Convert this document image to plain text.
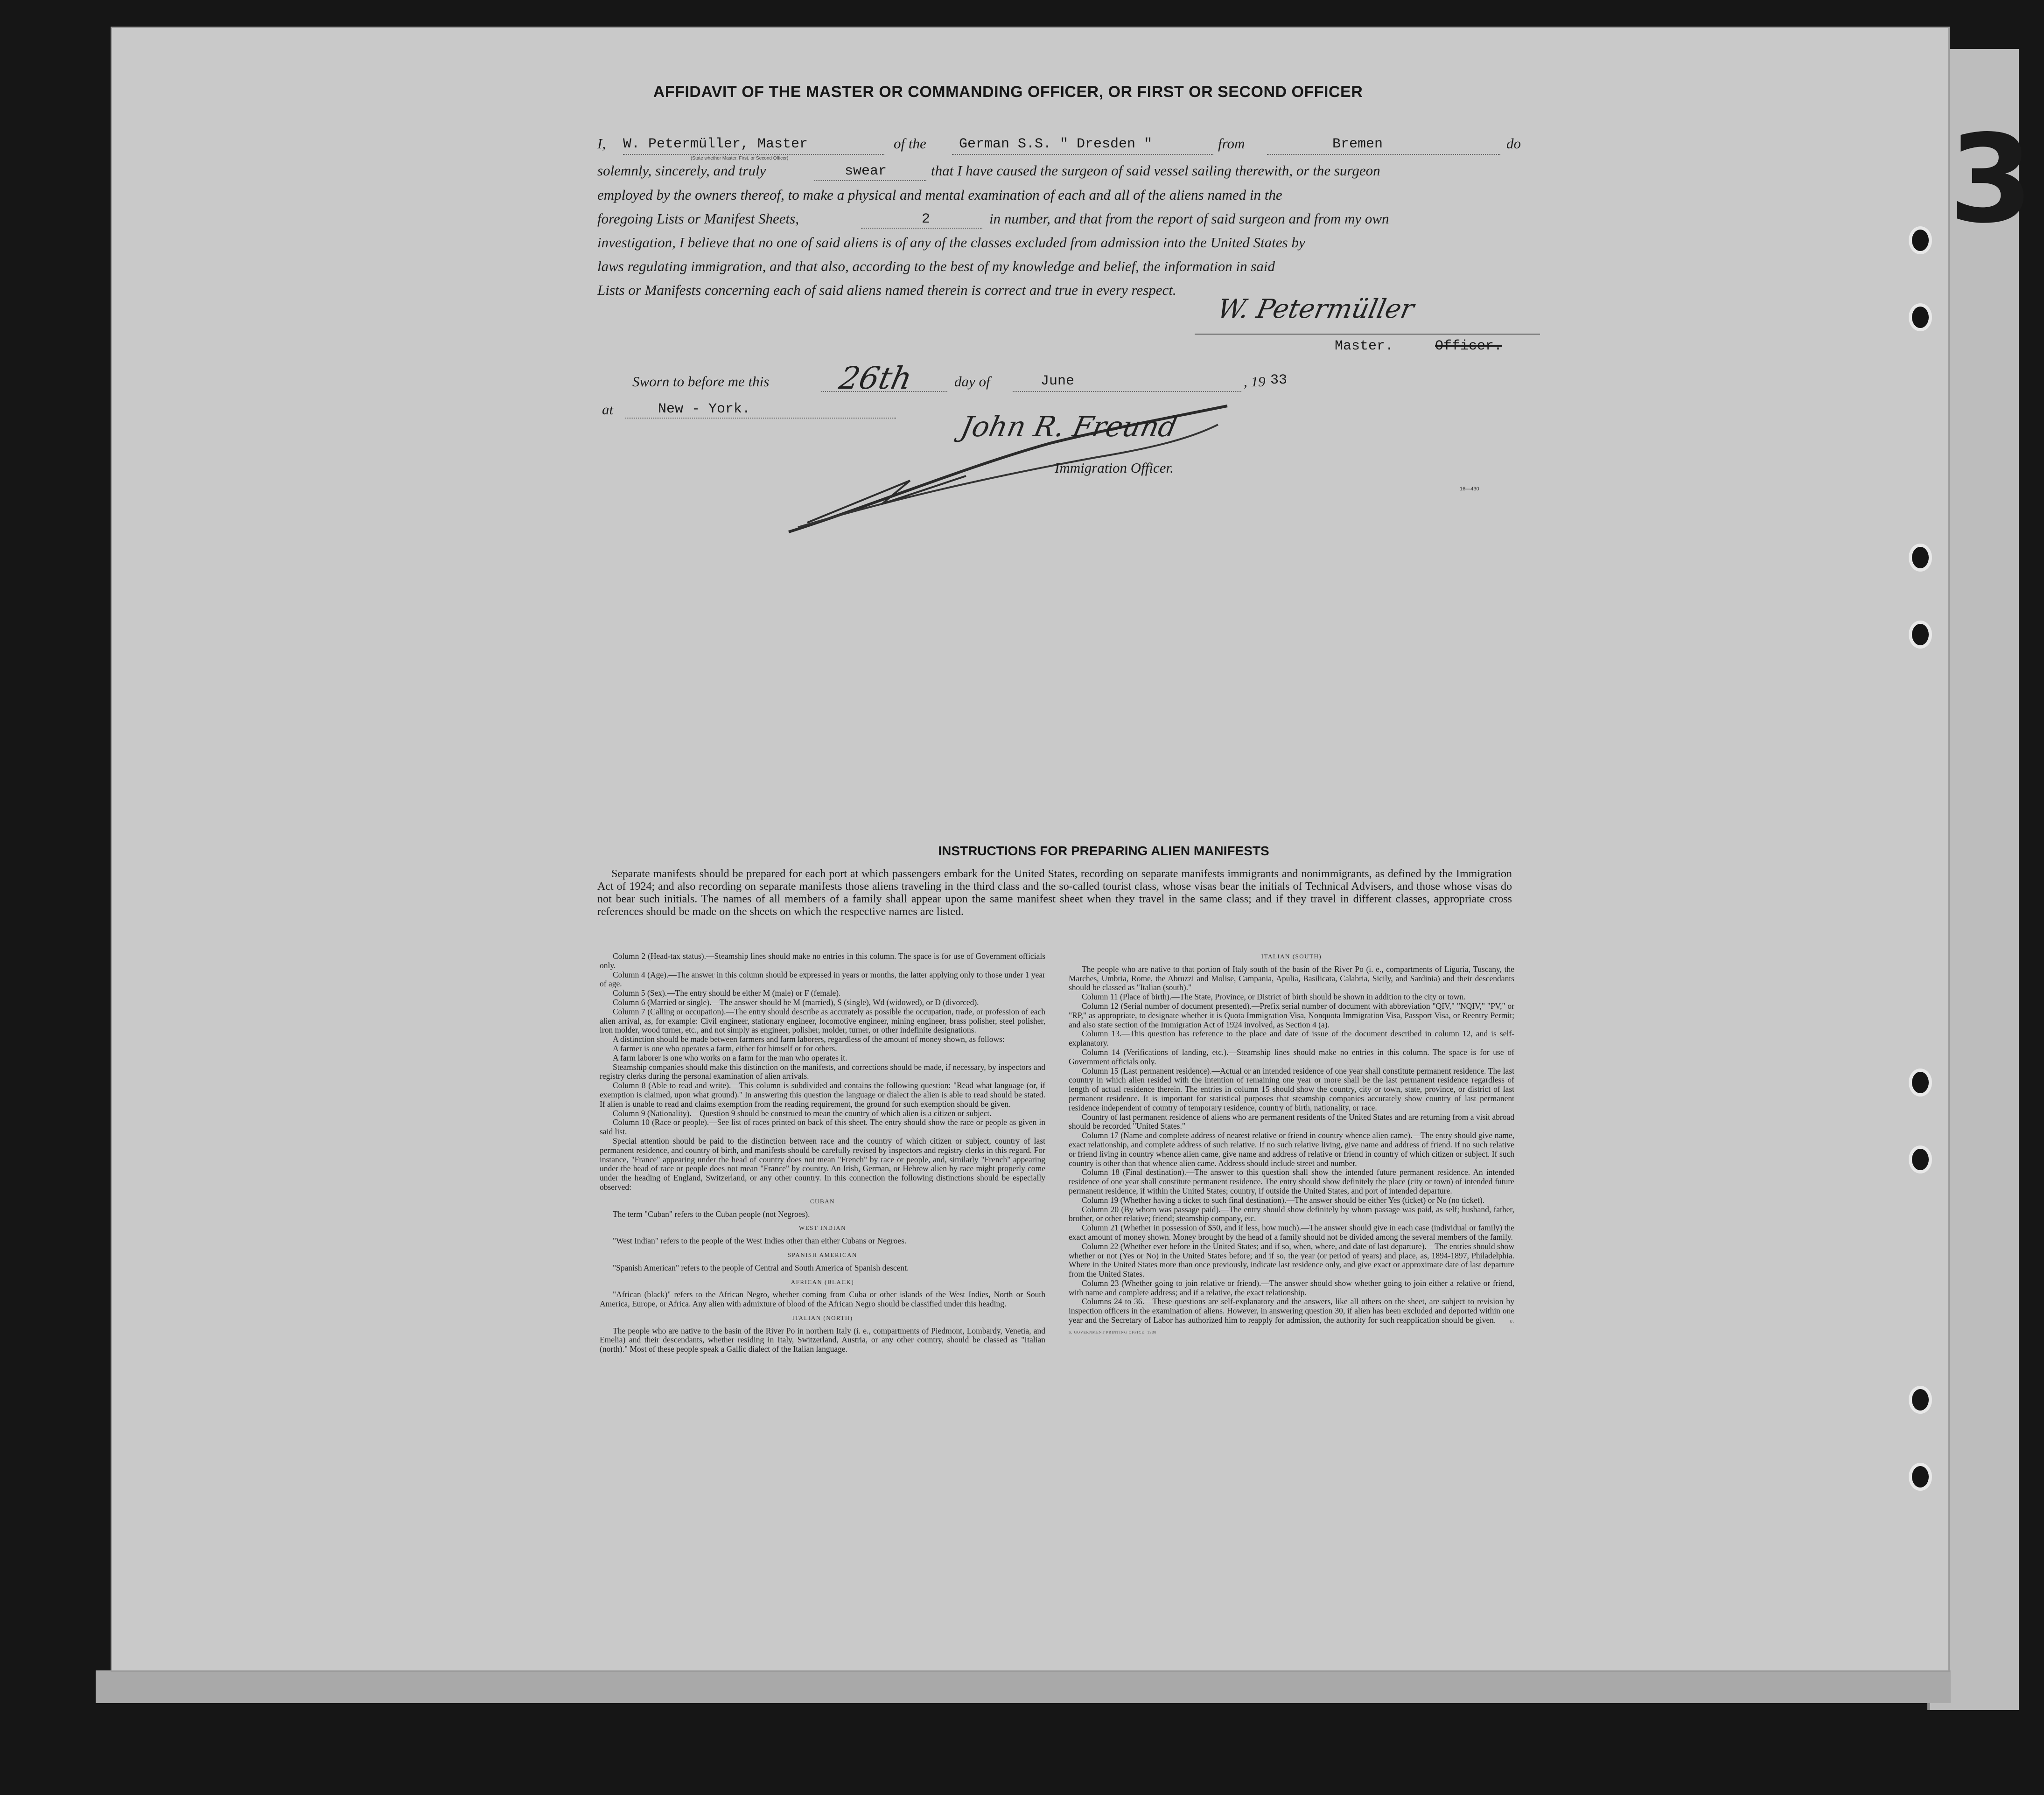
3
AFFIDAVIT OF THE MASTER OR COMMANDING OFFICER, OR FIRST OR SECOND OFFICER
I,	W. Petermüller, Master
(State whether Master, First, or Second Officer)
of the German S.S. " Dresden "	from	Bremen	do
solemnly, sincerely, and truly	swear	that I have caused the surgeon of said vessel sailing therewith, or the surgeon
employed by the owners thereof, to make a physical and mental examination of each and all of the aliens named in the
foregoing Lists or Manifest Sheets,	2	in number, and that from the report of said surgeon and from my own
investigation, I believe that no one of said aliens is of any of the classes excluded from admission into the United States by
laws regulating immigration, and that also, according to the best of my knowledge and belief, the information in said
Lists or Manifests concerning each of said aliens named therein is correct and true in every respect.
W. Petermüller
Master.	Officer.
Sworn to before me this 26th	day of	June	, 19 33
at	New - York.
John R. Freund
Immigration Officer.
16—430
INSTRUCTIONS FOR PREPARING ALIEN MANIFESTS
Separate manifests should be prepared for each port at which passengers embark for the United States, recording on separate manifests immigrants and nonimmigrants, as defined by the Immigration Act of 1924; and also recording on separate manifests those aliens traveling in the third class and the so-called tourist class, whose visas bear the initials of Technical Advisers, and those whose visas do not bear such initials. The names of all members of a family shall appear upon the same manifest sheet when they travel in the same class; and if they travel in different classes, appropriate cross references should be made on the sheets on which the respective names are listed.

Column 2 (Head-tax status).—Steamship lines should make no entries in this column. The space is for use of Government officials only.

Column 4 (Age).—The answer in this column should be expressed in years or months, the latter applying only to those under 1 year of age.

Column 5 (Sex).—The entry should be either M (male) or F (female).

Column 6 (Married or single).—The answer should be M (married), S (single), Wd (widowed), or D (divorced).

Column 7 (Calling or occupation).—The entry should describe as accurately as possible the occupation, trade, or profession of each alien arrival, as, for example: Civil engineer, stationary engineer, locomotive engineer, mining engineer, brass polisher, steel polisher, iron molder, wood turner, etc., and not simply as engineer, polisher, molder, turner, or other indefinite designations.

A distinction should be made between farmers and farm laborers, regardless of the amount of money shown, as follows:

A farmer is one who operates a farm, either for himself or for others.

A farm laborer is one who works on a farm for the man who operates it.

Steamship companies should make this distinction on the manifests, and corrections should be made, if necessary, by inspectors and registry clerks during the personal examination of alien arrivals.

Column 8 (Able to read and write).—This column is subdivided and contains the following question: "Read what language (or, if exemption is claimed, upon what ground)." In answering this question the language or dialect the alien is able to read should be stated. If alien is unable to read and claims exemption from the reading requirement, the ground for such exemption should be given.

Column 9 (Nationality).—Question 9 should be construed to mean the country of which alien is a citizen or subject.

Column 10 (Race or people).—See list of races printed on back of this sheet. The entry should show the race or people as given in said list.

Special attention should be paid to the distinction between race and the country of which citizen or subject, country of last permanent residence, and country of birth, and manifests should be carefully revised by inspectors and registry clerks in this regard. For instance, "France" appearing under the head of country does not mean "French" by race or people, and, similarly "French" appearing under the head of race or people does not mean "France" by country. An Irish, German, or Hebrew alien by race might properly come under the heading of England, Switzerland, or any other country. In this connection the following distinctions should be especially observed:

CUBAN

The term "Cuban" refers to the Cuban people (not Negroes).

WEST INDIAN

"West Indian" refers to the people of the West Indies other than either Cubans or Negroes.

SPANISH AMERICAN

"Spanish American" refers to the people of Central and South America of Spanish descent.

AFRICAN (BLACK)

"African (black)" refers to the African Negro, whether coming from Cuba or other islands of the West Indies, North or South America, Europe, or Africa. Any alien with admixture of blood of the African Negro should be classified under this heading.

ITALIAN (NORTH)

The people who are native to the basin of the River Po in northern Italy (i. e., compartments of Piedmont, Lombardy, Venetia, and Emelia) and their descendants, whether residing in Italy, Switzerland, Austria, or any other country, should be classed as "Italian (north)." Most of these people speak a Gallic dialect of the Italian language.

ITALIAN (SOUTH)

The people who are native to that portion of Italy south of the basin of the River Po (i. e., compartments of Liguria, Tuscany, the Marches, Umbria, Rome, the Abruzzi and Molise, Campania, Apulia, Basilicata, Calabria, Sicily, and Sardinia) and their descendants should be classed as "Italian (south)."

Column 11 (Place of birth).—The State, Province, or District of birth should be shown in addition to the city or town.

Column 12 (Serial number of document presented).—Prefix serial number of document with abbreviation "QIV," "NQIV," "PV," or "RP," as appropriate, to designate whether it is Quota Immigration Visa, Nonquota Immigration Visa, Passport Visa, or Reentry Permit; and also state section of the Immigration Act of 1924 involved, as Section 4 (a).

Column 13.—This question has reference to the place and date of issue of the document described in column 12, and is self-explanatory.

Column 14 (Verifications of landing, etc.).—Steamship lines should make no entries in this column. The space is for use of Government officials only.

Column 15 (Last permanent residence).—Actual or an intended residence of one year shall constitute permanent residence. The last country in which alien resided with the intention of remaining one year or more shall be the last permanent residence regardless of length of actual residence therein. The entries in column 15 should show the country, city or town, state, province, or district of last permanent residence. It is important for statistical purposes that steamship companies accurately show country of last permanent residence independent of country of temporary residence, country of birth, nationality, or race.

Country of last permanent residence of aliens who are permanent residents of the United States and are returning from a visit abroad should be recorded "United States."

Column 17 (Name and complete address of nearest relative or friend in country whence alien came).—The entry should give name, exact relationship, and complete address of such relative. If no such relative living, give name and address of friend. If no such relative or friend living in country whence alien came, give name and address of relative or friend in country of which citizen or subject. If such country is other than that whence alien came. Address should include street and number.

Column 18 (Final destination).—The answer to this question shall show the intended future permanent residence. An intended residence of one year shall constitute permanent residence. The entry should show definitely the place (city or town) of intended future permanent residence, if within the United States; country, if outside the United States, and port of intended departure.

Column 19 (Whether having a ticket to such final destination).—The answer should be either Yes (ticket) or No (no ticket).

Column 20 (By whom was passage paid).—The entry should show definitely by whom passage was paid, as self; husband, father, brother, or other relative; friend; steamship company, etc.

Column 21 (Whether in possession of $50, and if less, how much).—The answer should give in each case (individual or family) the exact amount of money shown. Money brought by the head of a family should not be divided among the several members of the family.

Column 22 (Whether ever before in the United States; and if so, when, where, and date of last departure).—The entries should show whether or not (Yes or No) in the United States before; and if so, the year (or period of years) and place, as, 1894-1897, Philadelphia. Where in the United States more than once previously, indicate last residence only, and give exact or approximate date of last departure from the United States.

Column 23 (Whether going to join relative or friend).—The answer should show whether going to join either a relative or friend, with name and complete address; and if a relative, the exact relationship.

Columns 24 to 36.—These questions are self-explanatory and the answers, like all others on the sheet, are subject to revision by inspection officers in the examination of aliens. However, in answering question 30, if alien has been excluded and deported within one year and the Secretary of Labor has authorized him to reapply for admission, the authority for such reapplication should be given.	U. S. GOVERNMENT PRINTING OFFICE: 1930
